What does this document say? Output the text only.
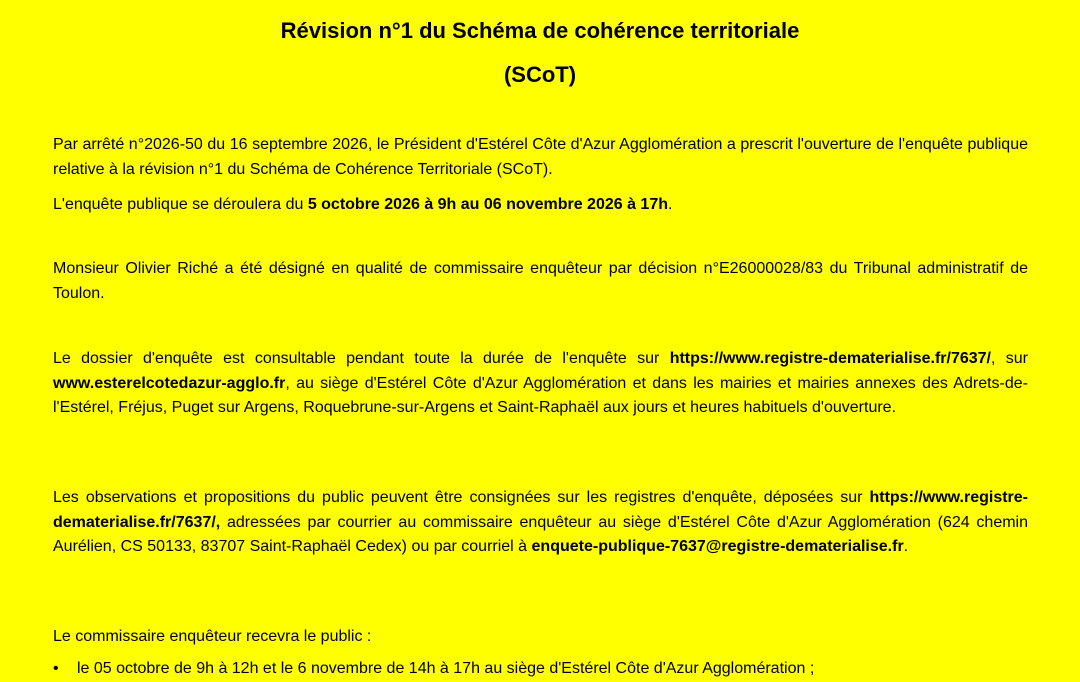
Révision n°1 du Schéma de cohérence territoriale
(SCoT)

Par arrêté n°2026-50 du 16 septembre 2026, le Président d'Estérel Côte d'Azur Agglomération a prescrit l'ouverture de l'enquête publique relative à la révision n°1 du Schéma de Cohérence Territoriale (SCoT).

L'enquête publique se déroulera du 5 octobre 2026 à 9h au 06 novembre 2026 à 17h.

Monsieur Olivier Riché a été désigné en qualité de commissaire enquêteur par décision n°E26000028/83 du Tribunal administratif de Toulon.

Le dossier d'enquête est consultable pendant toute la durée de l'enquête sur https://www.registre-dematerialise.fr/7637/, sur www.esterelcotedazur-agglo.fr, au siège d'Estérel Côte d'Azur Agglomération et dans les mairies et mairies annexes des Adrets-de-l'Estérel, Fréjus, Puget sur Argens, Roquebrune-sur-Argens et Saint-Raphaël aux jours et heures habituels d'ouverture.

Les observations et propositions du public peuvent être consignées sur les registres d'enquête, déposées sur https://www.registre-dematerialise.fr/7637/, adressées par courrier au commissaire enquêteur au siège d'Estérel Côte d'Azur Agglomération (624 chemin Aurélien, CS 50133, 83707 Saint-Raphaël Cedex) ou par courriel à enquete-publique-7637@registre-dematerialise.fr.

Le commissaire enquêteur recevra le public :

• le 05 octobre de 9h à 12h et le 6 novembre de 14h à 17h au siège d'Estérel Côte d'Azur Agglomération ;
